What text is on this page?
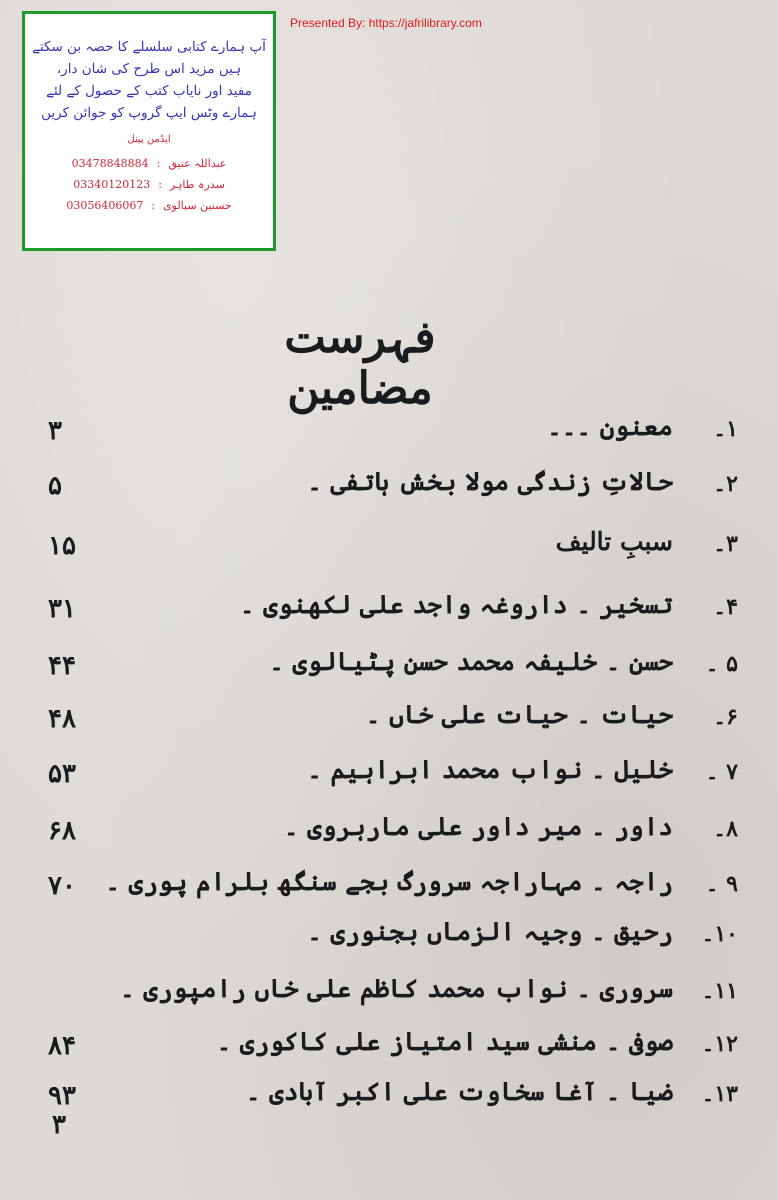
Presented By: https://jafrilibrary.com
آپ ہمارے کتابی سلسلے کا حصہ بن سکتے
ہیں مزید اس طرح کی شان دار،
مفید اور نایاب کتب کے حصول کے لئے
ہمارے وٹس ایپ گروپ کو جوائن کریں
ایڈمن پینل
عبداللہ عتیق
:
03478848884
سدرہ طاہر
:
03340120123
حسنین سیالوی
:
03056406067
فہرست مضامین
۱۔
معنون ۔۔۔
۳
۲۔
حالاتِ زندگی مولا بخش ہاتفی ۔
۵
۳۔
سببِ تالیف
۱۵
۴۔
تسخیر ۔ داروغہ واجد علی لکھنوی ۔
۳۱
۵ ۔
حسن ۔ خلیفہ محمد حسن پٹیالوی ۔
۴۴
۶۔
حیات ۔ حیات علی خاں ۔
۴۸
۷ ۔
خلیل ۔ نواب محمد ابراہیم ۔
۵۳
۸۔
داور ۔ میر داور علی مارہروی ۔
۶۸
۹ ۔
راجہ ۔ مہاراجہ سرورگ بجے سنگھ بلرام پوری ۔
۷۰
۱۰۔
رحیق ۔ وجیہ الزماں بجنوری ۔
۱۱۔
سروری ۔ نواب محمد کاظم علی خاں رامپوری ۔
۱۲۔
صوفی ۔ منشی سید امتیاز علی کاکوری ۔
۸۴
۱۳۔
ضیا ۔ آغا سخاوت علی اکبر آبادی ۔
۹۳
۳
